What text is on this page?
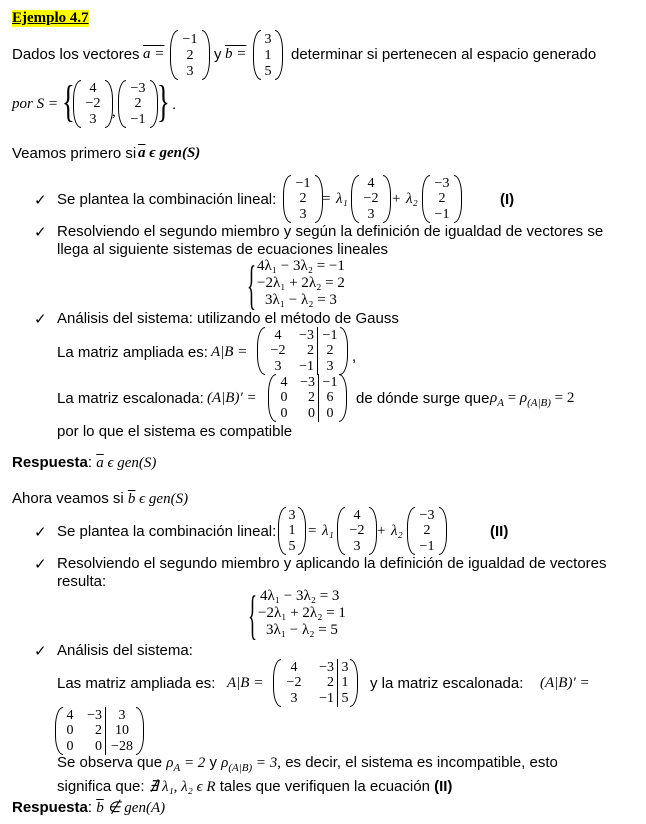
Ejemplo 4.7
Dados los vectores a =
−1
2
3
y b =
3
1
5
determinar si pertenecen al espacio generado
por S = {	4
−2
3	,
−3
2
−1 } .
Veamos primero si $\overline{a}$ ϵ gen(S)
✓ Se plantea la combinación lineal:
−1
2
3
= λ₁
4
−2
3
+ λ₂
−3
2
−1
(I)
✓ Resolviendo el segundo miembro y según la definición de igualdad de vectores se
llega al siguiente sistemas de ecuaciones lineales
{ 4λ₁ − 3λ₂ = −1
−2λ₁ + 2λ₂ = 2
3λ₁ − λ₂ = 3
✓ Análisis del sistema: utilizando el método de Gauss
La matriz ampliada es: A|B =
4
−2
3
−3
2
−1
−1
2
3
,
La matriz escalonada: (A|B)′ =
4
0
0
−3
2
0
−1
6
0
de dónde surge que $\rho_A = \rho_{(A|B)} = 2$
por lo que el sistema es compatible
Respuesta: $\overline{a}$ ϵ gen(S)
Ahora veamos si $\overline{b}$ ϵ gen(S)
✓ Se plantea la combinación lineal:
3
1
5
= λ₁
4
−2
3
+ λ₂
−3
2
−1
(II)
✓ Resolviendo el segundo miembro y aplicando la definición de igualdad de vectores
resulta:
{ 4λ₁ − 3λ₂ = 3
−2λ₁ + 2λ₂ = 1
3λ₁ − λ₂ = 5
✓ Análisis del sistema:
Las matriz ampliada es: A|B =
4
−2
3
−3
2
−1
3
1
5
y la matriz escalonada: (A|B)′ =
4
0
0
−3
2
0
3
10
−28
Se observa que $\rho_A = 2$ y $\rho_{(A|B)} = 3$, es decir, el sistema es incompatible, esto
significa que: ∄ λ₁, λ₂ ϵ R tales que verifiquen la ecuación (II)
Respuesta: $\overline{b}$ ∉ gen(A)
